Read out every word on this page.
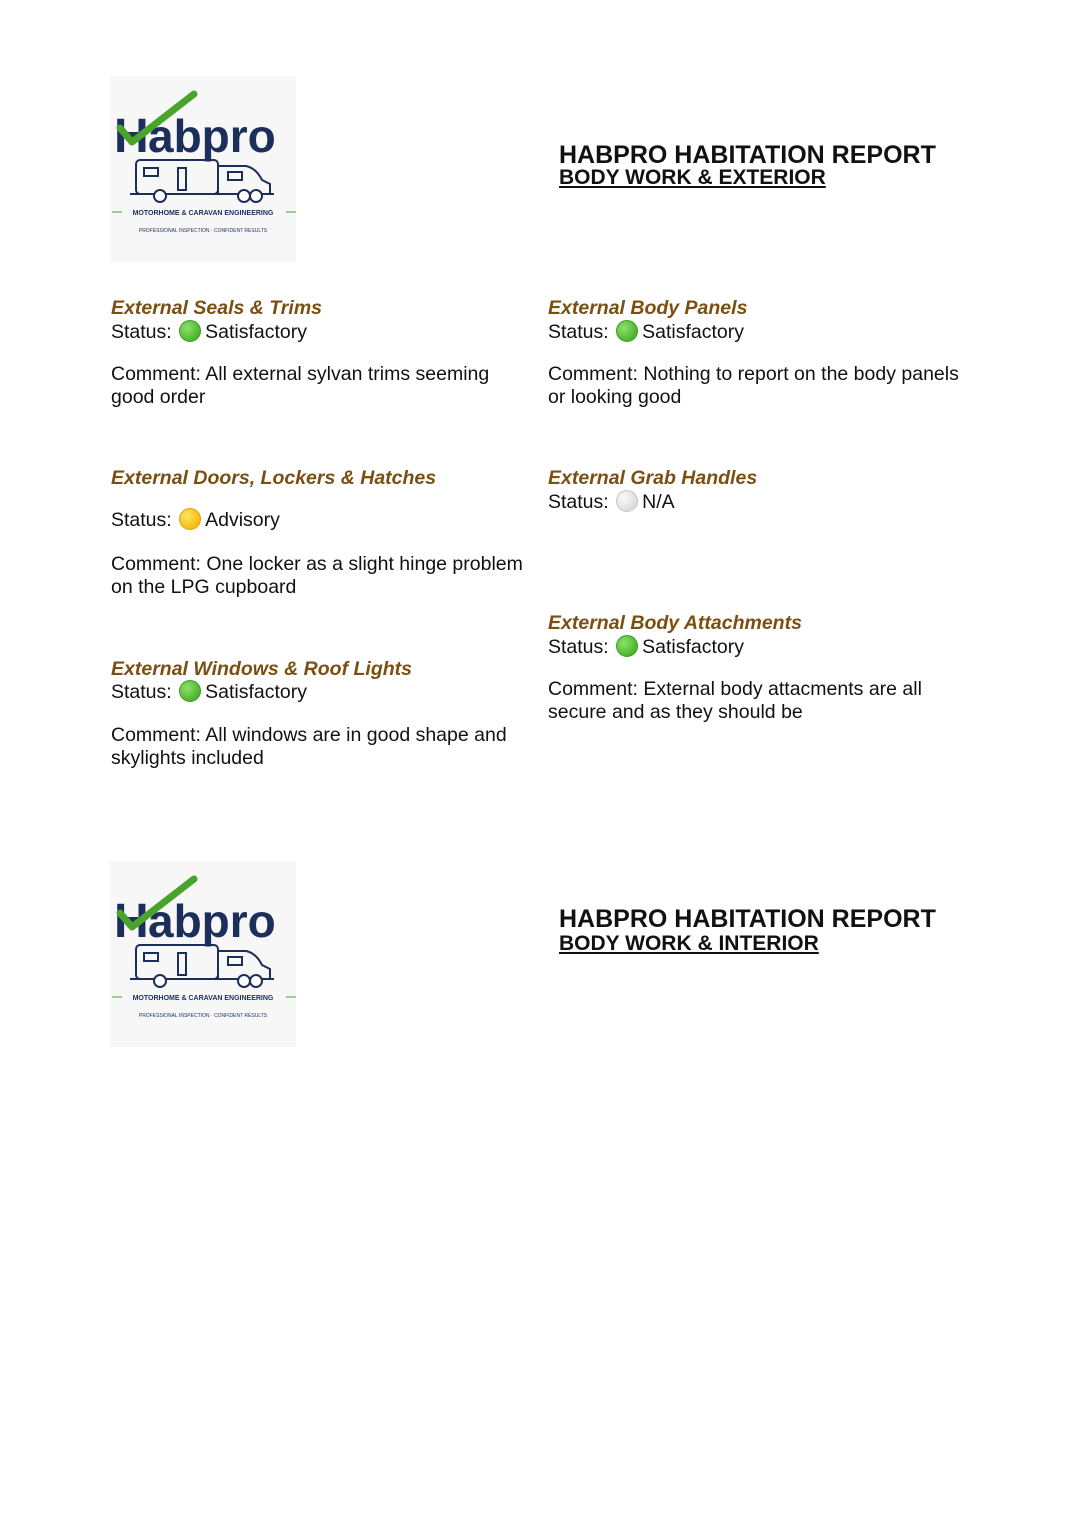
H abpro
MOTORHOME & CARAVAN ENGINEERING
PROFESSIONAL INSPECTION · CONFIDENT RESULTS
HABPRO HABITATION REPORT
BODY WORK & EXTERIOR
External Seals & Trims
Status: Satisfactory
Comment: All external sylvan trims seeming good order
External Doors, Lockers & Hatches
Status: Advisory
Comment: One locker as a slight hinge problem on the LPG cupboard
External Windows & Roof Lights
Status: Satisfactory
Comment: All windows are in good shape and skylights included
External Body Panels
Status: Satisfactory
Comment: Nothing to report on the body panels or looking good
External Grab Handles
Status: N/A
External Body Attachments
Status: Satisfactory
Comment: External body attacments are all secure and as they should be
H abpro
MOTORHOME & CARAVAN ENGINEERING
PROFESSIONAL INSPECTION · CONFIDENT RESULTS
HABPRO HABITATION REPORT
BODY WORK & INTERIOR
